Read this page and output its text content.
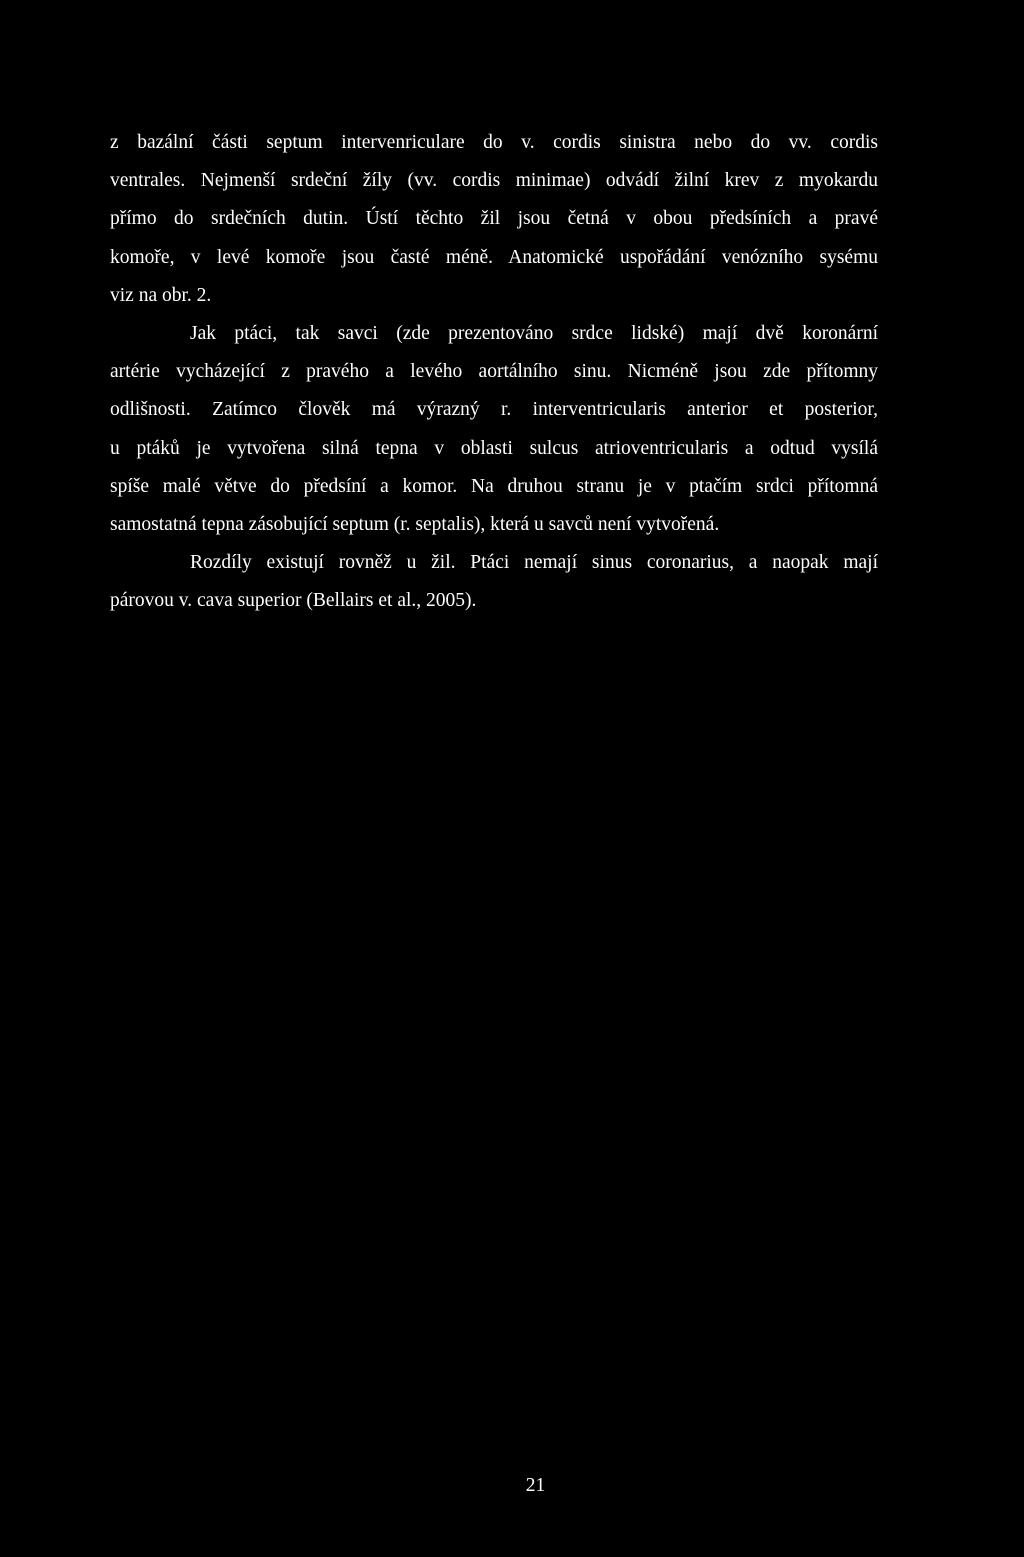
z bazální části septum intervenriculare do v. cordis sinistra nebo do vv. cordis
ventrales. Nejmenší srdeční žíly (vv. cordis minimae) odvádí žilní krev z myokardu
přímo do srdečních dutin. Ústí těchto žil jsou četná v obou předsíních a pravé
komoře, v levé komoře jsou časté méně. Anatomické uspořádání venózního sysému
viz na obr. 2.
Jak ptáci, tak savci (zde prezentováno srdce lidské) mají dvě koronární
artérie vycházející z pravého a levého aortálního sinu. Nicméně jsou zde přítomny
odlišnosti. Zatímco člověk má výrazný r. interventricularis anterior et posterior,
u ptáků je vytvořena silná tepna v oblasti sulcus atrioventricularis a odtud vysílá
spíše malé větve do předsíní a komor. Na druhou stranu je v ptačím srdci přítomná
samostatná tepna zásobující septum (r. septalis), která u savců není vytvořená.
Rozdíly existují rovněž u žil. Ptáci nemají sinus coronarius, a naopak mají
párovou v. cava superior (Bellairs et al., 2005).
21
